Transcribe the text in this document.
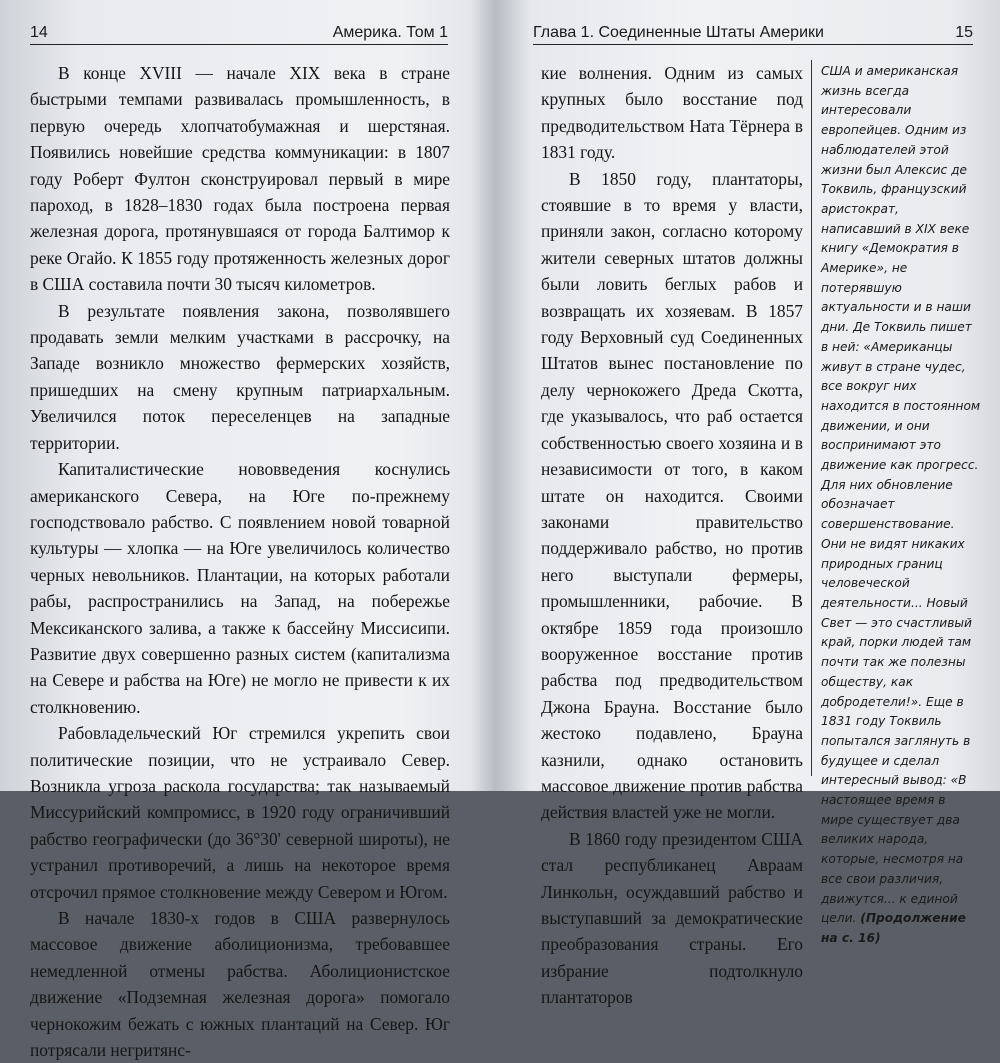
14	Америка. Том 1

В конце XVIII — начале XIX века в стране быстрыми темпами развивалась промышленность, в первую очередь хлопчатобумажная и шерстяная. Появились новейшие средства коммуникации: в 1807 году Роберт Фултон сконструировал первый в мире пароход, в 1828–1830 годах была построена первая железная дорога, протянувшаяся от города Балтимор к реке Огайо. К 1855 году протяженность железных дорог в США составила почти 30 тысяч километров.

В результате появления закона, позволявшего продавать земли мелким участками в рассрочку, на Западе возникло множество фермерских хозяйств, пришедших на смену крупным патриархальным. Увеличился поток переселенцев на западные территории.

Капиталистические нововведения коснулись американского Севера, на Юге по-прежнему господствовало рабство. С появлением новой товарной культуры — хлопка — на Юге увеличилось количество черных невольников. Плантации, на которых работали рабы, распространились на Запад, на побережье Мексиканского залива, а также к бассейну Миссисипи. Развитие двух совершенно разных систем (капитализма на Севере и рабства на Юге) не могло не привести к их столкновению.

Рабовладельческий Юг стремился укрепить свои политические позиции, что не устраивало Север. Возникла угроза раскола государства; так называемый Миссурийский компромисс, в 1920 году ограничивший рабство географически (до 36°30' северной широты), не устранил противоречий, а лишь на некоторое время отсрочил прямое столкновение между Севером и Югом.

В начале 1830-х годов в США развернулось массовое движение аболиционизма, требовавшее немедленной отмены рабства. Аболиционистское движение «Подземная железная дорога» помогало чернокожим бежать с южных плантаций на Север. Юг потрясали негритянс-

Глава 1. Соединенные Штаты Америки	15

кие волнения. Одним из самых крупных было восстание под предводительством Ната Тёрнера в 1831 году.

В 1850 году, плантаторы, стоявшие в то время у власти, приняли закон, согласно которому жители северных штатов должны были ловить беглых рабов и возвращать их хозяевам. В 1857 году Верховный суд Соединенных Штатов вынес постановление по делу чернокожего Дреда Скотта, где указывалось, что раб остается собственностью своего хозяина и в независимости от того, в каком штате он находится. Своими законами правительство поддерживало рабство, но против него выступали фермеры, промышленники, рабочие. В октябре 1859 года произошло вооруженное восстание против рабства под предводительством Джона Брауна. Восстание было жестоко подавлено, Брауна казнили, однако остановить массовое движение против рабства действия властей уже не могли.

В 1860 году президентом США стал республиканец Авраам Линкольн, осуждавший рабство и выступавший за демократические преобразования страны. Его избрание подтолкнуло плантаторов

США и американская жизнь всегда интересовали европейцев. Одним из наблюдателей этой жизни был Алексис де Токвиль, французский аристократ, написавший в XIX веке книгу «Демократия в Америке», не потерявшую актуальности и в наши дни. Де Токвиль пишет в ней: «Американцы живут в стране чудес, все вокруг них находится в постоянном движении, и они воспринимают это движение как прогресс. Для них обновление обозначает совершенствование. Они не видят никаких природных границ человеческой деятельности... Новый Свет — это счастливый край, порки людей там почти так же полезны обществу, как добродетели!». Еще в 1831 году Токвиль попытался заглянуть в будущее и сделал интересный вывод: «В настоящее время в мире существует два великих народа, которые, несмотря на все свои различия, движутся... к единой цели. (Продолжение на с. 16)
